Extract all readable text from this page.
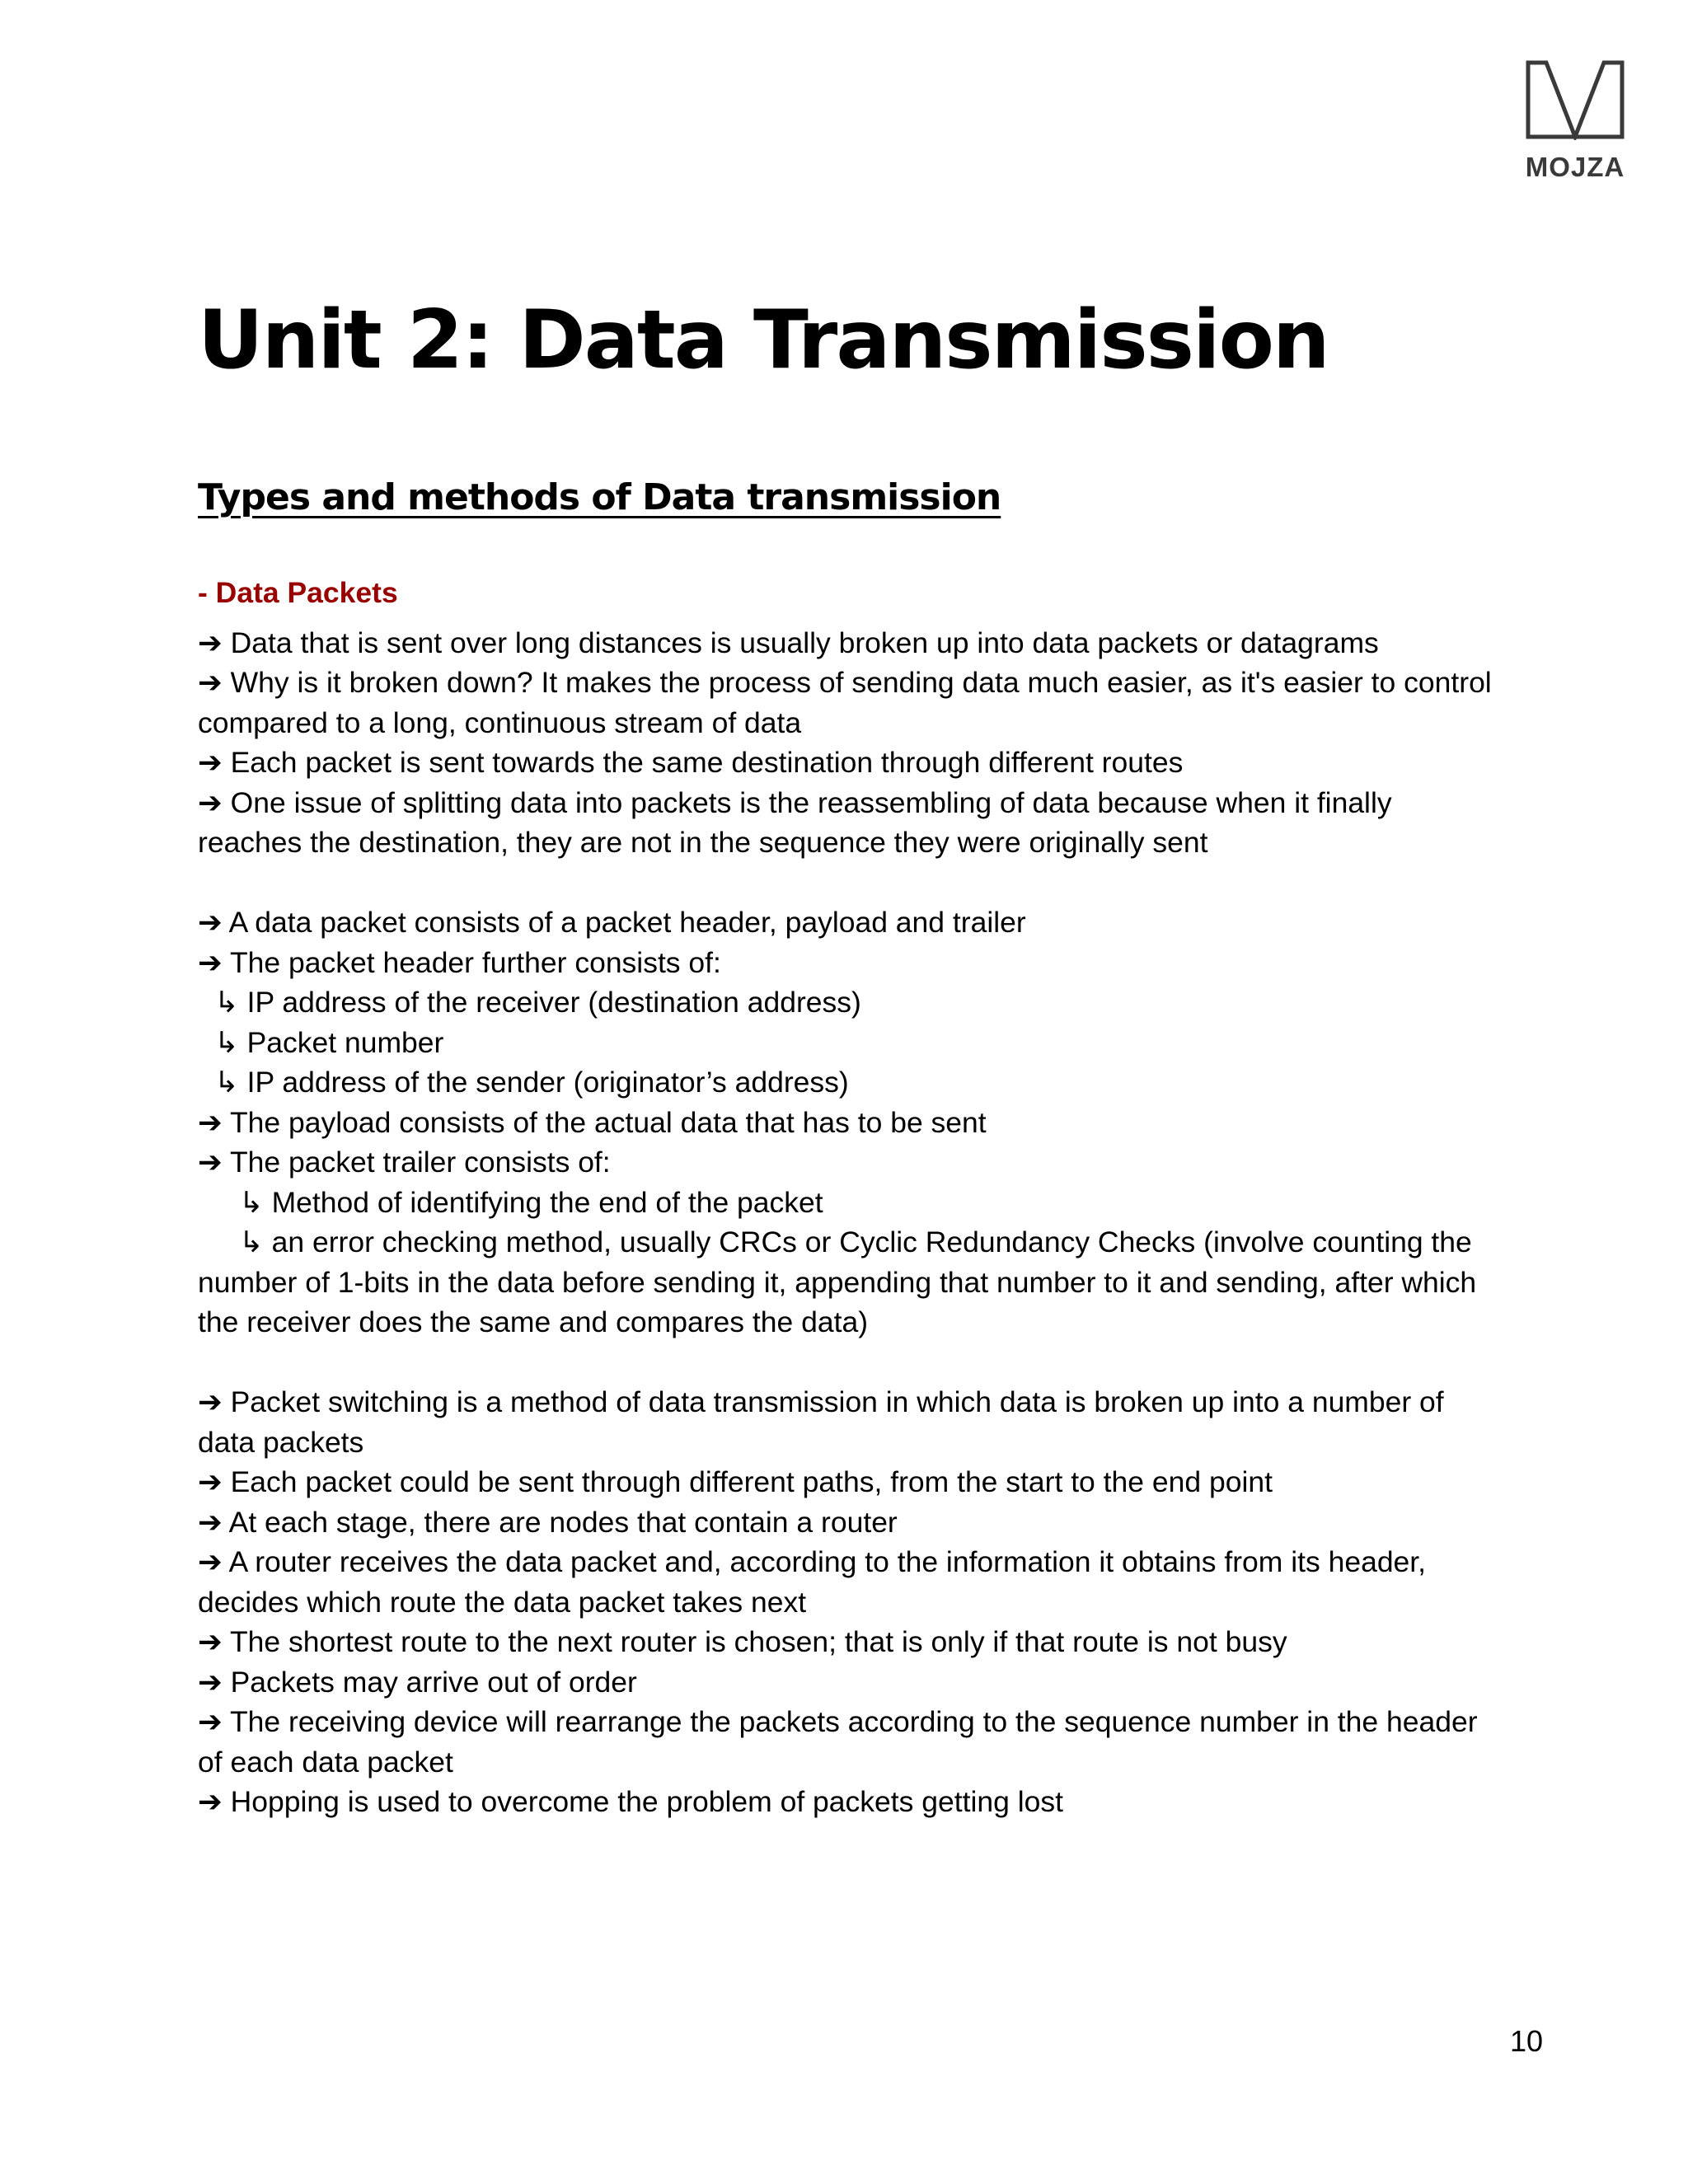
MOJZA
Unit 2: Data Transmission
Types and methods of Data transmission
- Data Packets

➔ Data that is sent over long distances is usually broken up into data packets or datagrams

➔ Why is it broken down? It makes the process of sending data much easier, as it's easier to control compared to a long, continuous stream of data

➔ Each packet is sent towards the same destination through different routes

➔ One issue of splitting data into packets is the reassembling of data because when it finally reaches the destination, they are not in the sequence they were originally sent

➔ A data packet consists of a packet header, payload and trailer

➔ The packet header further consists of:

↳ IP address of the receiver (destination address)

↳ Packet number

↳ IP address of the sender (originator’s address)

➔ The payload consists of the actual data that has to be sent

➔ The packet trailer consists of:

↳ Method of identifying the end of the packet

↳ an error checking method, usually CRCs or Cyclic Redundancy Checks (involve counting the number of 1-bits in the data before sending it, appending that number to it and sending, after which the receiver does the same and compares the data)

➔ Packet switching is a method of data transmission in which data is broken up into a number of data packets

➔ Each packet could be sent through different paths, from the start to the end point

➔ At each stage, there are nodes that contain a router

➔ A router receives the data packet and, according to the information it obtains from its header, decides which route the data packet takes next

➔ The shortest route to the next router is chosen; that is only if that route is not busy

➔ Packets may arrive out of order

➔ The receiving device will rearrange the packets according to the sequence number in the header of each data packet

➔ Hopping is used to overcome the problem of packets getting lost

10
